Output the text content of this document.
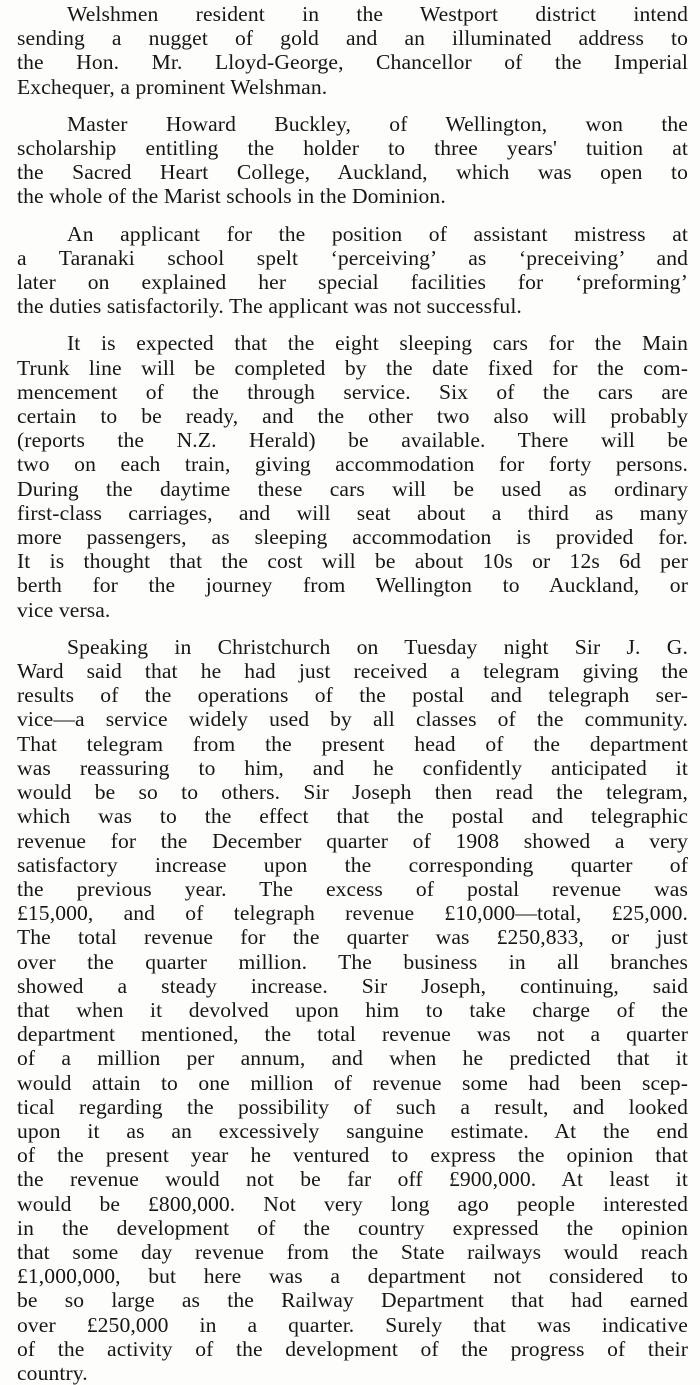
Welshmen resident in the Westport district intend
sending a nugget of gold and an illuminated address to
the Hon. Mr. Lloyd-George, Chancellor of the Imperial
Exchequer, a prominent Welshman.
Master Howard Buckley, of Wellington, won the
scholarship entitling the holder to three years' tuition at
the Sacred Heart College, Auckland, which was open to
the whole of the Marist schools in the Dominion.
An applicant for the position of assistant mistress at
a Taranaki school spelt ‘perceiving’ as ‘preceiving’ and
later on explained her special facilities for ‘preforming’
the duties satisfactorily. The applicant was not successful.
It is expected that the eight sleeping cars for the Main
Trunk line will be completed by the date fixed for the com-
mencement of the through service. Six of the cars are
certain to be ready, and the other two also will probably
(reports the N.Z. Herald) be available. There will be
two on each train, giving accommodation for forty persons.
During the daytime these cars will be used as ordinary
first-class carriages, and will seat about a third as many
more passengers, as sleeping accommodation is provided for.
It is thought that the cost will be about 10s or 12s 6d per
berth for the journey from Wellington to Auckland, or
vice versa.
Speaking in Christchurch on Tuesday night Sir J. G.
Ward said that he had just received a telegram giving the
results of the operations of the postal and telegraph ser-
vice—a service widely used by all classes of the community.
That telegram from the present head of the department
was reassuring to him, and he confidently anticipated it
would be so to others. Sir Joseph then read the telegram,
which was to the effect that the postal and telegraphic
revenue for the December quarter of 1908 showed a very
satisfactory increase upon the corresponding quarter of
the previous year. The excess of postal revenue was
£15,000, and of telegraph revenue £10,000—total, £25,000.
The total revenue for the quarter was £250,833, or just
over the quarter million. The business in all branches
showed a steady increase. Sir Joseph, continuing, said
that when it devolved upon him to take charge of the
department mentioned, the total revenue was not a quarter
of a million per annum, and when he predicted that it
would attain to one million of revenue some had been scep-
tical regarding the possibility of such a result, and looked
upon it as an excessively sanguine estimate. At the end
of the present year he ventured to express the opinion that
the revenue would not be far off £900,000. At least it
would be £800,000. Not very long ago people interested
in the development of the country expressed the opinion
that some day revenue from the State railways would reach
£1,000,000, but here was a department not considered to
be so large as the Railway Department that had earned
over £250,000 in a quarter. Surely that was indicative
of the activity of the development of the progress of their
country.
